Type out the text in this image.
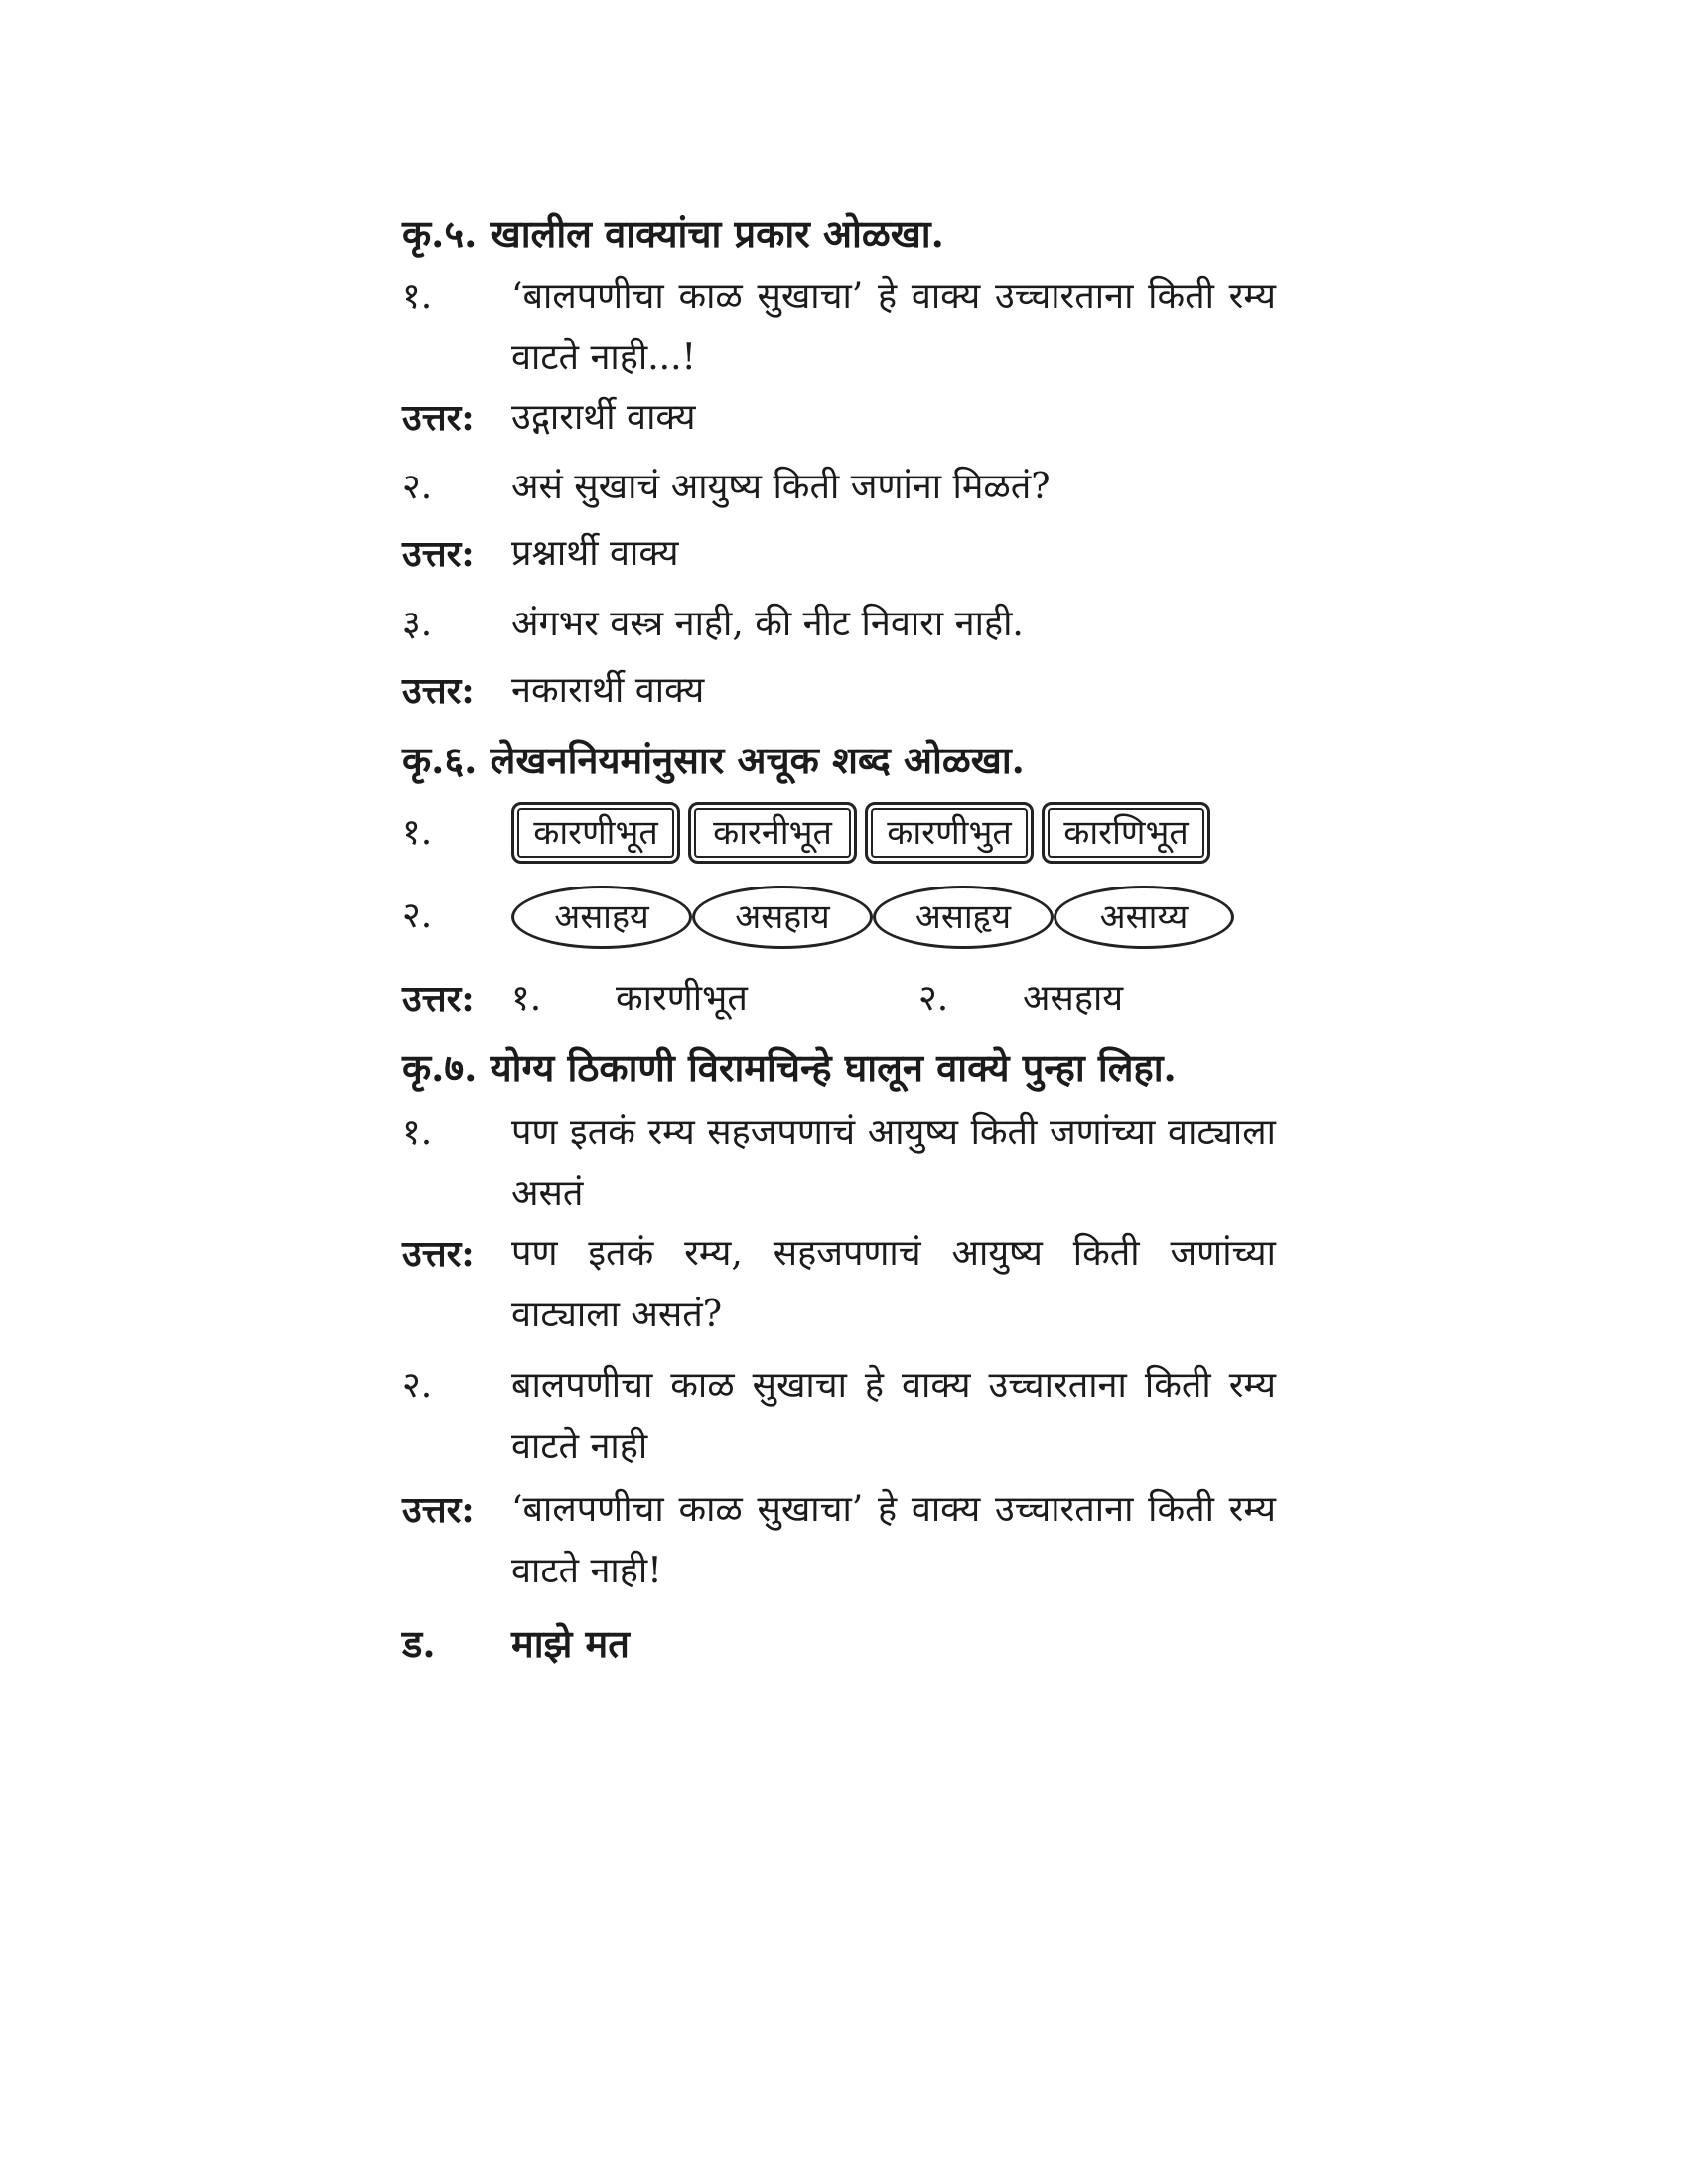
कृ.५. खालील वाक्यांचा प्रकार ओळखा.
१. ‘बालपणीचा काळ सुखाचा’ हे वाक्य उच्चारताना किती रम्य वाटते नाही...!
उत्तर: उद्गारार्थी वाक्य
२. असं सुखाचं आयुष्य किती जणांना मिळतं?
उत्तर: प्रश्नार्थी वाक्य
३. अंगभर वस्त्र नाही, की नीट निवारा नाही.
उत्तर: नकारार्थी वाक्य
कृ.६. लेखननियमांनुसार अचूक शब्द ओळखा.
१.	कारणीभूत	कारनीभूत	कारणीभुत	कारणिभूत
२.	असाहय	असहाय	असाहृय	असाय्य
उत्तर: १. कारणीभूत	२. असहाय
कृ.७. योग्य ठिकाणी विरामचिन्हे घालून वाक्ये पुन्हा लिहा.
१. पण इतकं रम्य सहजपणाचं आयुष्य किती जणांच्या वाट्याला असतं
उत्तर: पण इतकं रम्य, सहजपणाचं आयुष्य किती जणांच्या वाट्याला असतं?
२. बालपणीचा काळ सुखाचा हे वाक्य उच्चारताना किती रम्य वाटते नाही
उत्तर: ‘बालपणीचा काळ सुखाचा’ हे वाक्य उच्चारताना किती रम्य वाटते नाही!
ड. माझे मत
